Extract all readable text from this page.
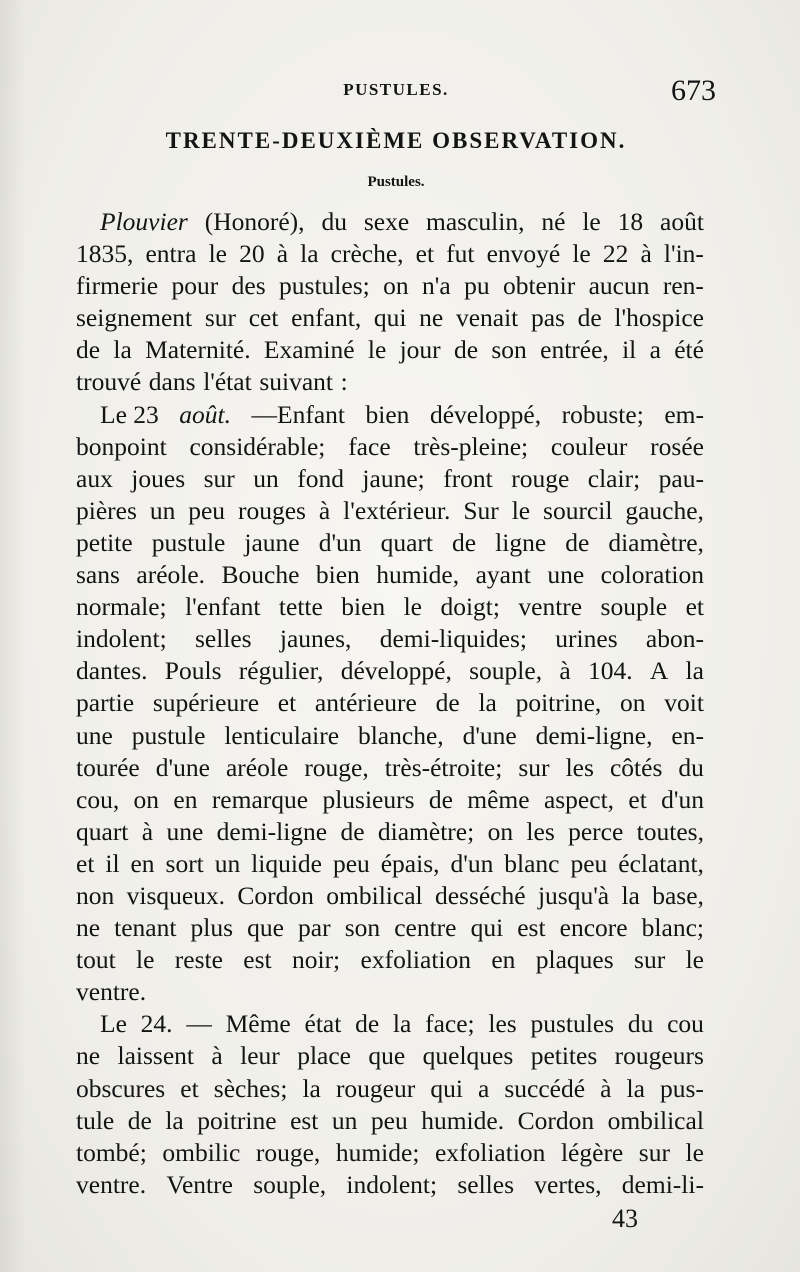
PUSTULES.	673
TRENTE-DEUXIÈME OBSERVATION.
Pustules.
Plouvier (Honoré), du sexe masculin, né le 18 août
1835, entra le 20 à la crèche, et fut envoyé le 22 à l'in-
firmerie pour des pustules; on n'a pu obtenir aucun ren-
seignement sur cet enfant, qui ne venait pas de l'hospice
de la Maternité. Examiné le jour de son entrée, il a été
trouvé dans l'état suivant :
Le 23 août. —Enfant bien développé, robuste; em-
bonpoint considérable; face très-pleine; couleur rosée
aux joues sur un fond jaune; front rouge clair; pau-
pières un peu rouges à l'extérieur. Sur le sourcil gauche,
petite pustule jaune d'un quart de ligne de diamètre,
sans aréole. Bouche bien humide, ayant une coloration
normale; l'enfant tette bien le doigt; ventre souple et
indolent; selles jaunes, demi-liquides; urines abon-
dantes. Pouls régulier, développé, souple, à 104. A la
partie supérieure et antérieure de la poitrine, on voit
une pustule lenticulaire blanche, d'une demi-ligne, en-
tourée d'une aréole rouge, très-étroite; sur les côtés du
cou, on en remarque plusieurs de même aspect, et d'un
quart à une demi-ligne de diamètre; on les perce toutes,
et il en sort un liquide peu épais, d'un blanc peu éclatant,
non visqueux. Cordon ombilical desséché jusqu'à la base,
ne tenant plus que par son centre qui est encore blanc;
tout le reste est noir; exfoliation en plaques sur le
ventre.
Le 24. — Même état de la face; les pustules du cou
ne laissent à leur place que quelques petites rougeurs
obscures et sèches; la rougeur qui a succédé à la pus-
tule de la poitrine est un peu humide. Cordon ombilical
tombé; ombilic rouge, humide; exfoliation légère sur le
ventre. Ventre souple, indolent; selles vertes, demi-li-
43
